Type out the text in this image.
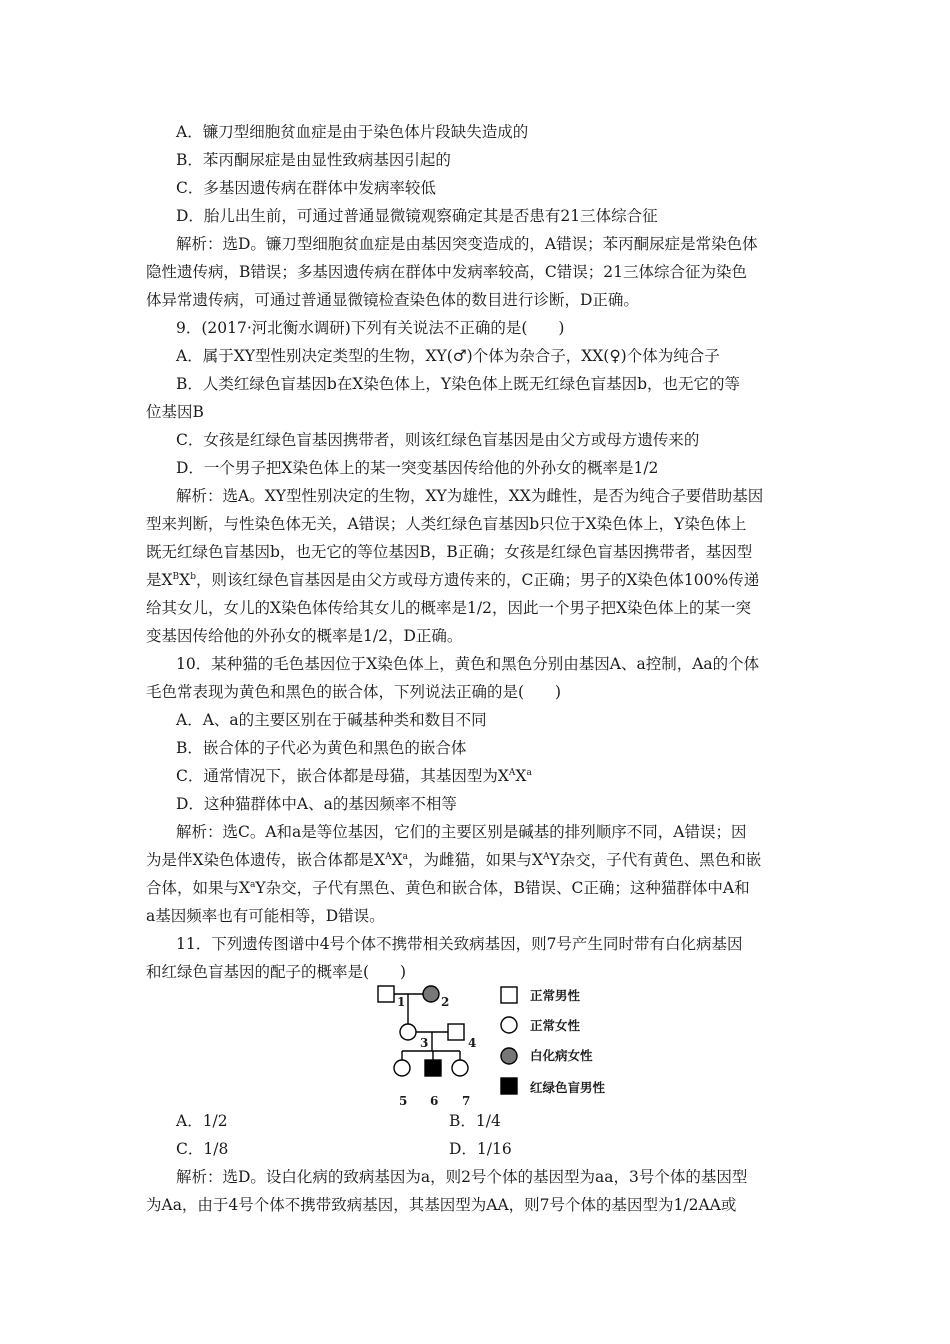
A．镰刀型细胞贫血症是由于染色体片段缺失造成的
B．苯丙酮尿症是由显性致病基因引起的
C．多基因遗传病在群体中发病率较低
D．胎儿出生前，可通过普通显微镜观察确定其是否患有21三体综合征
解析：选D。镰刀型细胞贫血症是由基因突变造成的，A错误；苯丙酮尿症是常染色体
隐性遗传病，B错误；多基因遗传病在群体中发病率较高，C错误；21三体综合征为染色
体异常遗传病，可通过普通显微镜检查染色体的数目进行诊断，D正确。
9．(2017·河北衡水调研)下列有关说法不正确的是(　　)
A．属于XY型性别决定类型的生物，XY(♂)个体为杂合子，XX(♀)个体为纯合子
B．人类红绿色盲基因b在X染色体上，Y染色体上既无红绿色盲基因b，也无它的等
位基因B
C．女孩是红绿色盲基因携带者，则该红绿色盲基因是由父方或母方遗传来的
D．一个男子把X染色体上的某一突变基因传给他的外孙女的概率是1/2
解析：选A。XY型性别决定的生物，XY为雄性，XX为雌性，是否为纯合子要借助基因
型来判断，与性染色体无关，A错误；人类红绿色盲基因b只位于X染色体上，Y染色体上
既无红绿色盲基因b，也无它的等位基因B，B正确；女孩是红绿色盲基因携带者，基因型
是$X^BX^b$，则该红绿色盲基因是由父方或母方遗传来的，C正确；男子的X染色体100%传递
给其女儿，女儿的X染色体传给其女儿的概率是1/2，因此一个男子把X染色体上的某一突
变基因传给他的外孙女的概率是1/2，D正确。
10．某种猫的毛色基因位于X染色体上，黄色和黑色分别由基因A、a控制，Aa的个体
毛色常表现为黄色和黑色的嵌合体，下列说法正确的是(　　)
A．A、a的主要区别在于碱基种类和数目不同
B．嵌合体的子代必为黄色和黑色的嵌合体
C．通常情况下，嵌合体都是母猫，其基因型为$X^AX^a$
D．这种猫群体中A、a的基因频率不相等
解析：选C。A和a是等位基因，它们的主要区别是碱基的排列顺序不同，A错误；因
为是伴X染色体遗传，嵌合体都是$X^AX^a$，为雌猫，如果与$X^AY$杂交，子代有黄色、黑色和嵌
合体，如果与$X^aY$杂交，子代有黑色、黄色和嵌合体，B错误、C正确；这种猫群体中A和
a基因频率也有可能相等，D错误。
11．下列遗传图谱中4号个体不携带相关致病基因，则7号产生同时带有白化病基因
和红绿色盲基因的配子的概率是(　　)
1	2
3	4
5 6 7
正常男性
正常女性
白化病女性
红绿色盲男性
A．1/2	B．1/4
C．1/8	D．1/16
解析：选D。设白化病的致病基因为a，则2号个体的基因型为aa，3号个体的基因型
为Aa，由于4号个体不携带致病基因，其基因型为AA，则7号个体的基因型为1/2AA或
